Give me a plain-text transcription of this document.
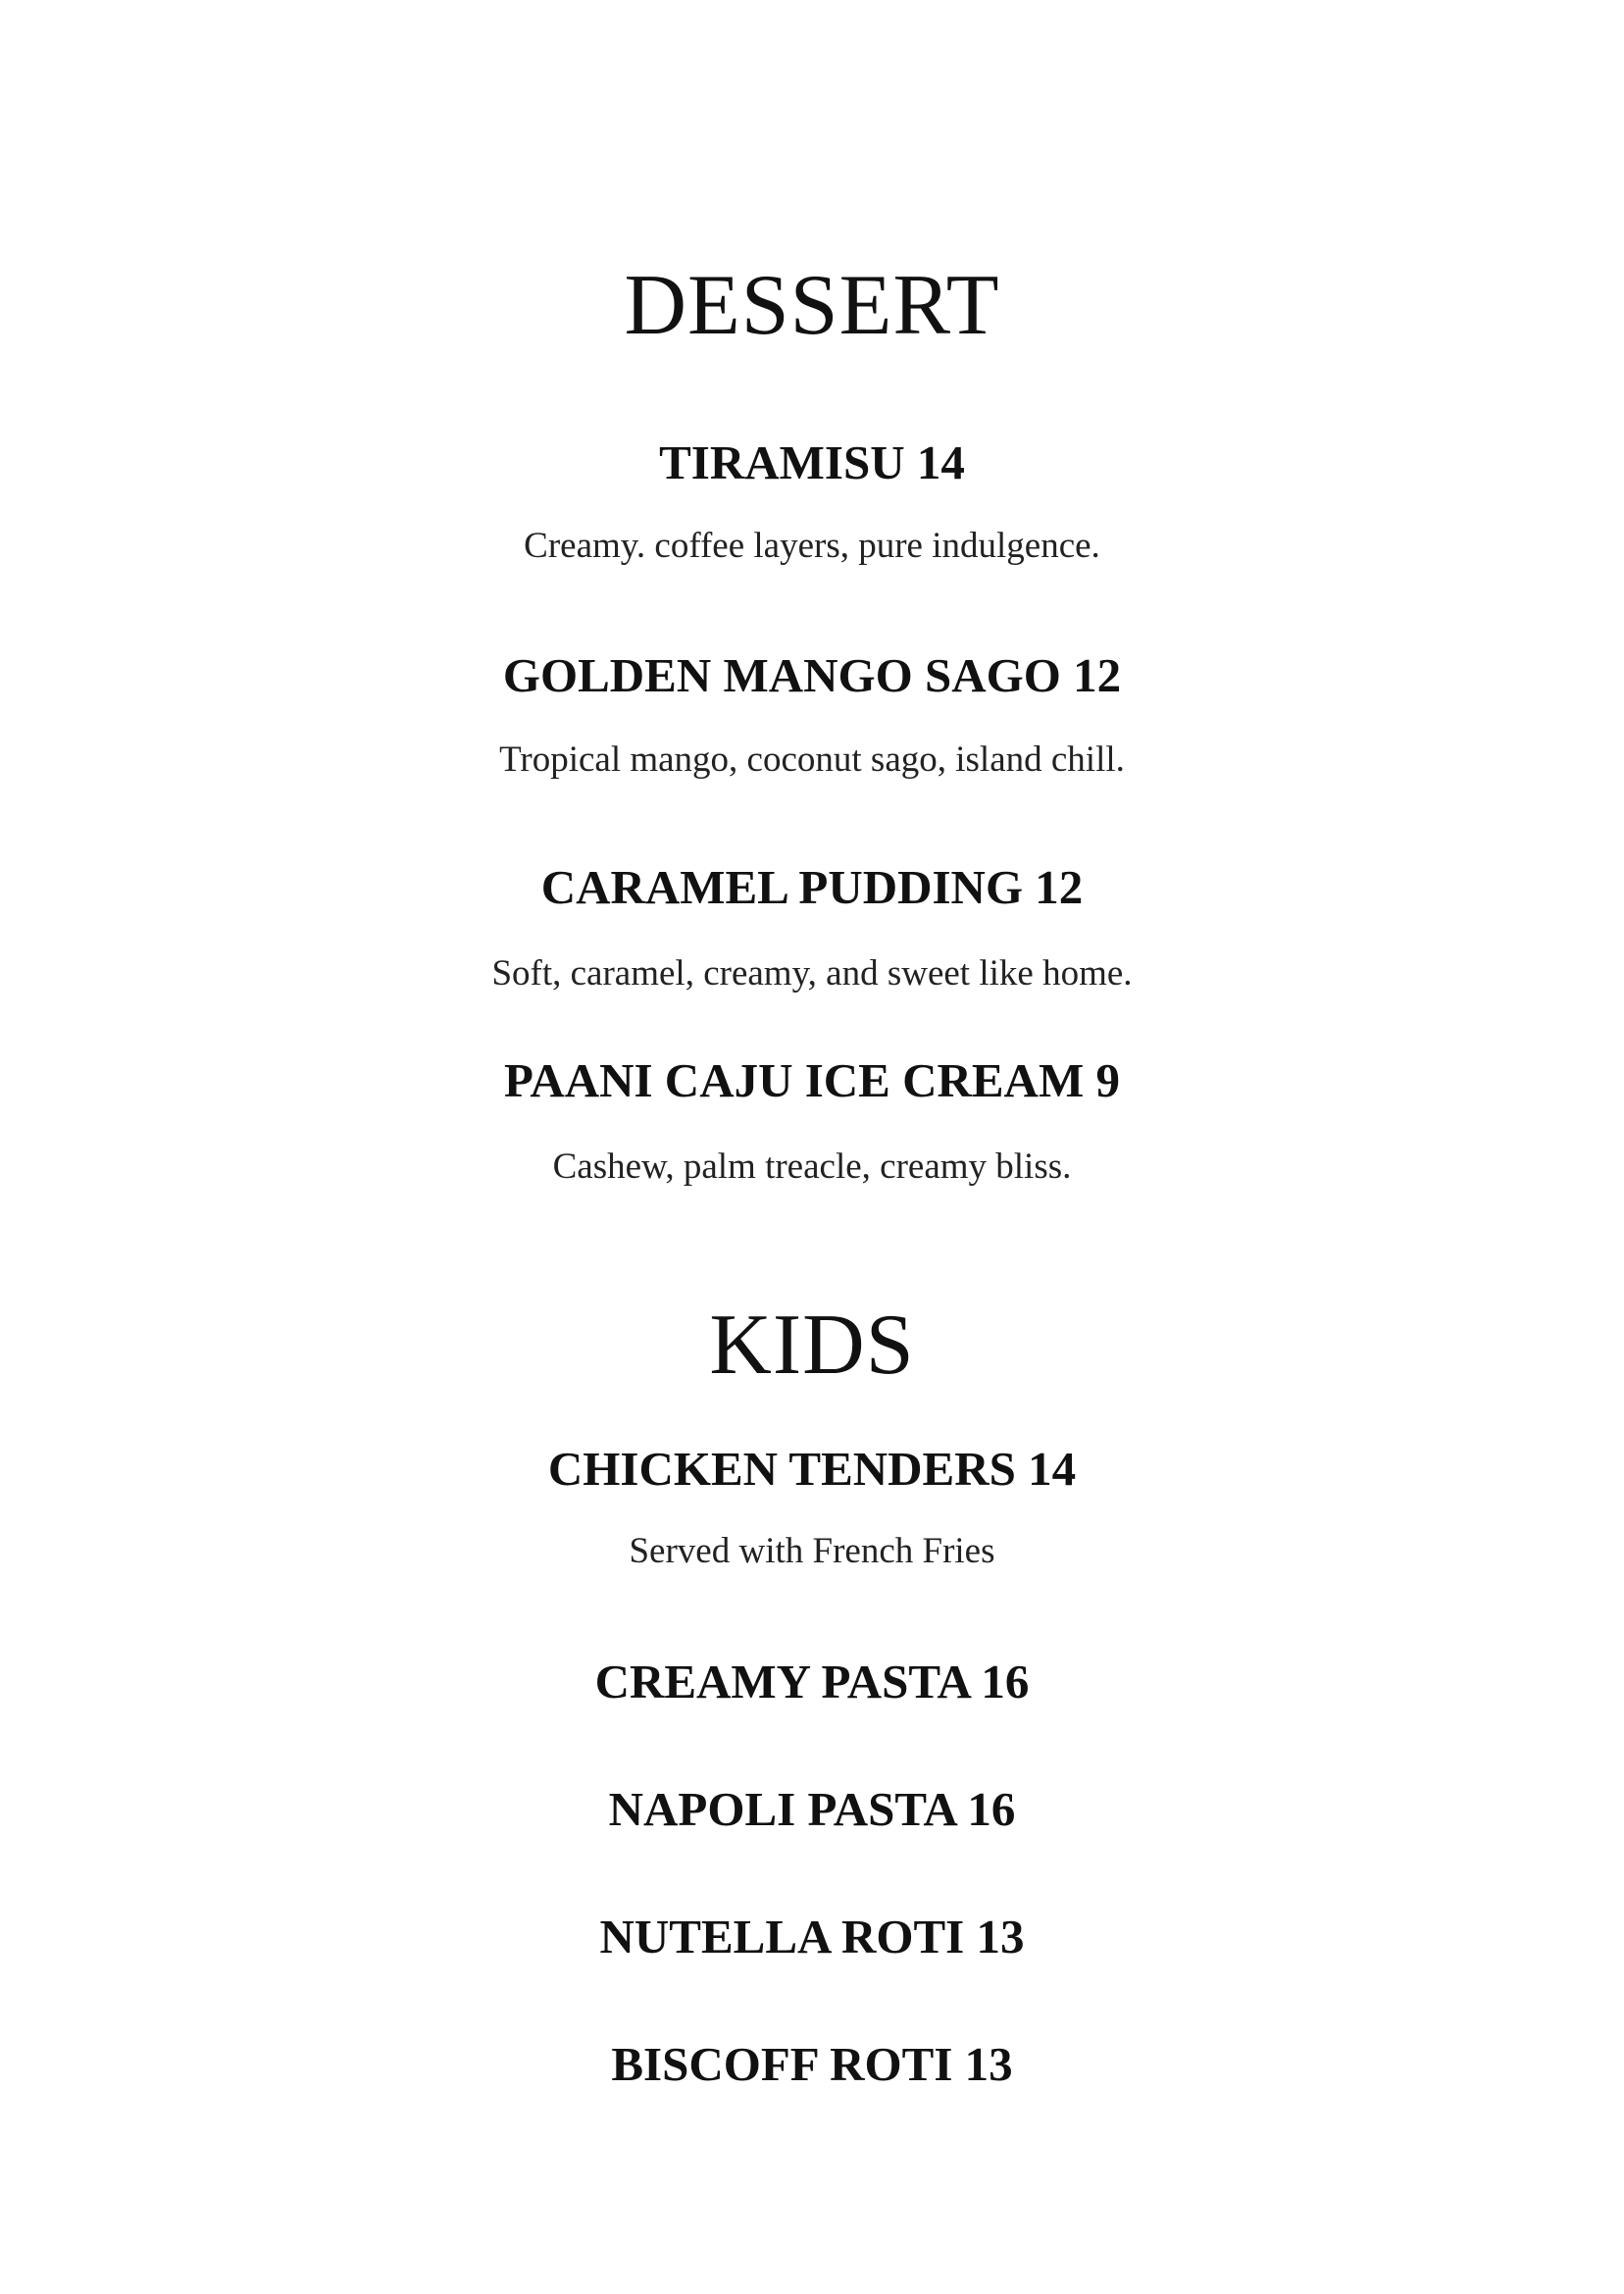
DESSERT
TIRAMISU 14
Creamy. coffee layers, pure indulgence.
GOLDEN MANGO SAGO 12
Tropical mango, coconut sago, island chill.
CARAMEL PUDDING 12
Soft, caramel, creamy, and sweet like home.
PAANI CAJU ICE CREAM 9
Cashew, palm treacle, creamy bliss.
KIDS
CHICKEN TENDERS 14
Served with French Fries
CREAMY PASTA 16
NAPOLI PASTA 16
NUTELLA ROTI 13
BISCOFF ROTI 13
